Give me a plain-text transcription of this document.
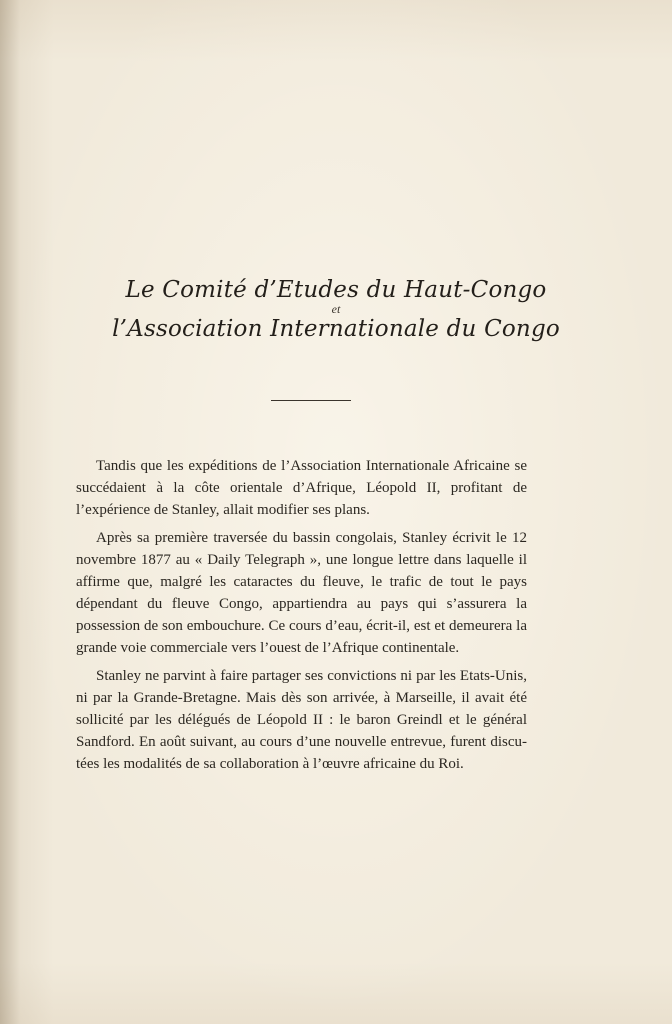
Le Comité d’Etudes du Haut-Congo
et
l’Association Internationale du Congo

Tandis que les expéditions de l’Association Internationale Africaine se succédaient à la côte orientale d’Afrique, Léopold II, profitant de l’expérience de Stanley, allait modifier ses plans.

Après sa première traversée du bassin congolais, Stanley écrivit le 12 novembre 1877 au « Daily Telegraph », une longue lettre dans laquelle il affirme que, malgré les cataractes du fleuve, le trafic de tout le pays dépendant du fleuve Congo, appartiendra au pays qui s’assurera la possession de son embouchure. Ce cours d’eau, écrit-il, est et demeurera la grande voie commerciale vers l’ouest de l’Afrique continentale.

Stanley ne parvint à faire partager ses convictions ni par les Etats-Unis, ni par la Grande-Bretagne. Mais dès son arrivée, à Marseille, il avait été sollicité par les délégués de Léopold II : le baron Greindl et le général Sandford. En août suivant, au cours d’une nouvelle entrevue, furent discutées les modalités de sa collaboration à l’œuvre africaine du Roi.
